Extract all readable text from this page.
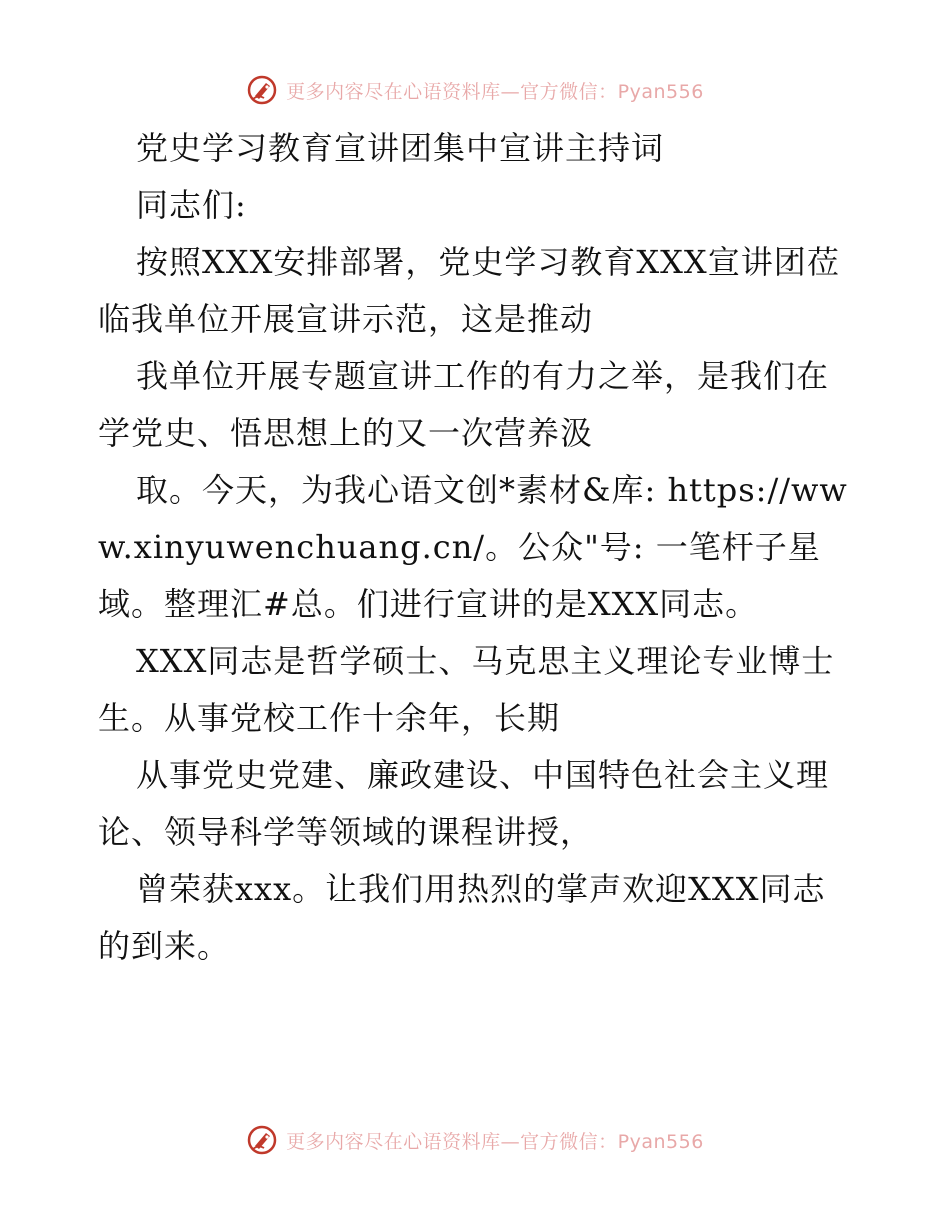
更多内容尽在心语资料库—官方微信：Pyan556

党史学习教育宣讲团集中宣讲主持词

同志们:

按照XXX安排部署，党史学习教育XXX宣讲团莅临我单位开展宣讲示范，这是推动

我单位开展专题宣讲工作的有力之举，是我们在学党史、悟思想上的又一次营养汲

取。今天，为我心语文创*素材&库: https://www.xinyuwenchuang.cn/。公众"号: 一笔杆子星域。整理汇#总。们进行宣讲的是XXX同志。

XXX同志是哲学硕士、马克思主义理论专业博士生。从事党校工作十余年，长期

从事党史党建、廉政建设、中国特色社会主义理论、领导科学等领域的课程讲授，

曾荣获xxx。让我们用热烈的掌声欢迎XXX同志的到来。

更多内容尽在心语资料库—官方微信：Pyan556
